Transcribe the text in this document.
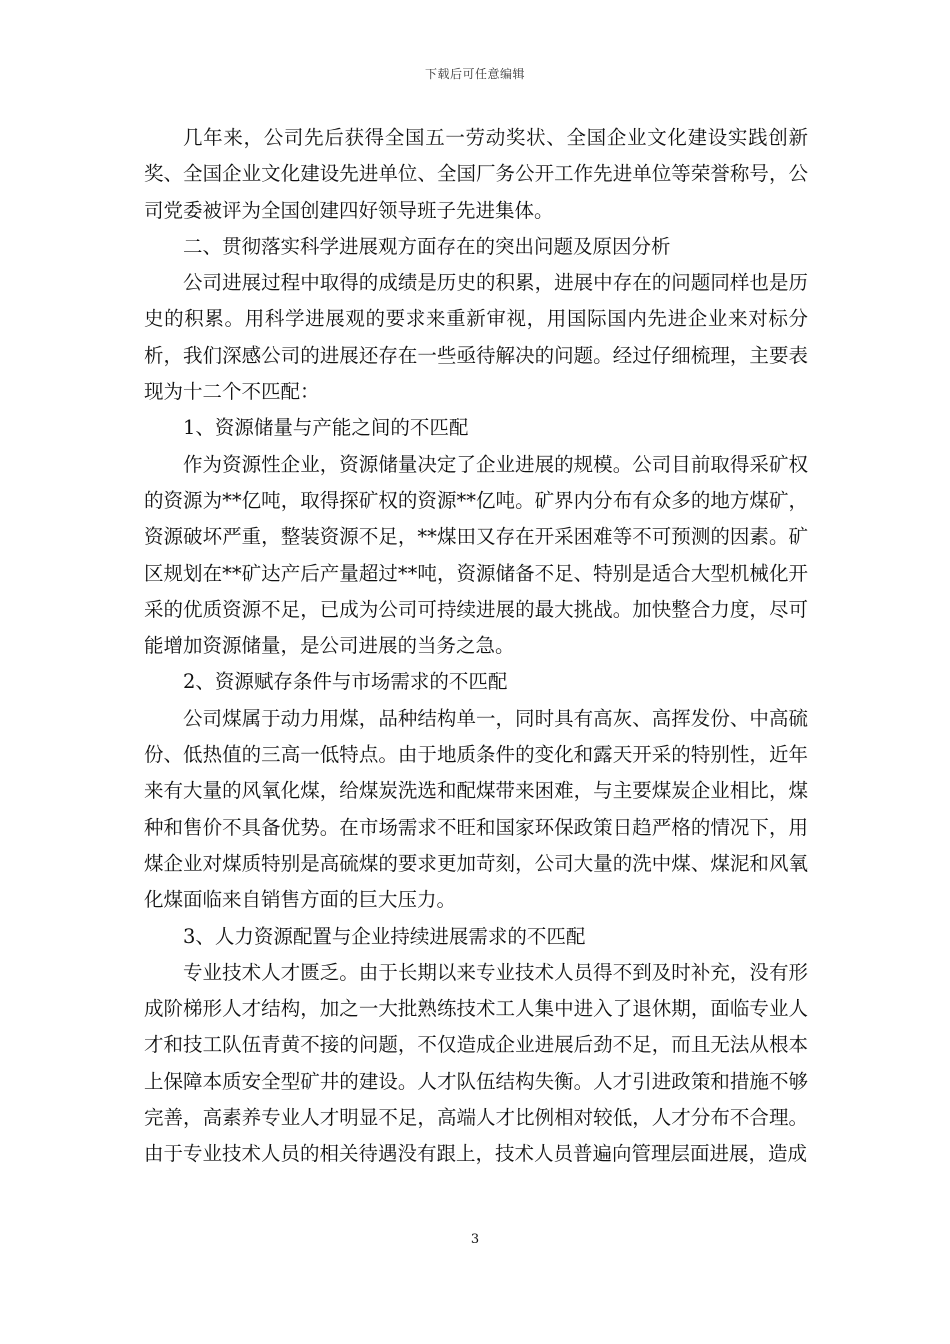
下载后可任意编辑

几年来，公司先后获得全国五一劳动奖状、全国企业文化建设实践创新奖、全国企业文化建设先进单位、全国厂务公开工作先进单位等荣誉称号，公司党委被评为全国创建四好领导班子先进集体。

二、贯彻落实科学进展观方面存在的突出问题及原因分析

公司进展过程中取得的成绩是历史的积累，进展中存在的问题同样也是历史的积累。用科学进展观的要求来重新审视，用国际国内先进企业来对标分析，我们深感公司的进展还存在一些亟待解决的问题。经过仔细梳理，主要表现为十二个不匹配：

1、资源储量与产能之间的不匹配

作为资源性企业，资源储量决定了企业进展的规模。公司目前取得采矿权的资源为**亿吨，取得探矿权的资源**亿吨。矿界内分布有众多的地方煤矿，资源破坏严重，整装资源不足，**煤田又存在开采困难等不可预测的因素。矿区规划在**矿达产后产量超过**吨，资源储备不足、特别是适合大型机械化开采的优质资源不足，已成为公司可持续进展的最大挑战。加快整合力度，尽可能增加资源储量，是公司进展的当务之急。

2、资源赋存条件与市场需求的不匹配

公司煤属于动力用煤，品种结构单一，同时具有高灰、高挥发份、中高硫份、低热值的三高一低特点。由于地质条件的变化和露天开采的特别性，近年来有大量的风氧化煤，给煤炭洗选和配煤带来困难，与主要煤炭企业相比，煤种和售价不具备优势。在市场需求不旺和国家环保政策日趋严格的情况下，用煤企业对煤质特别是高硫煤的要求更加苛刻，公司大量的洗中煤、煤泥和风氧化煤面临来自销售方面的巨大压力。

3、人力资源配置与企业持续进展需求的不匹配

专业技术人才匮乏。由于长期以来专业技术人员得不到及时补充，没有形成阶梯形人才结构，加之一大批熟练技术工人集中进入了退休期，面临专业人才和技工队伍青黄不接的问题，不仅造成企业进展后劲不足，而且无法从根本上保障本质安全型矿井的建设。人才队伍结构失衡。人才引进政策和措施不够完善，高素养专业人才明显不足，高端人才比例相对较低，人才分布不合理。由于专业技术人员的相关待遇没有跟上，技术人员普遍向管理层面进展，造成

3
